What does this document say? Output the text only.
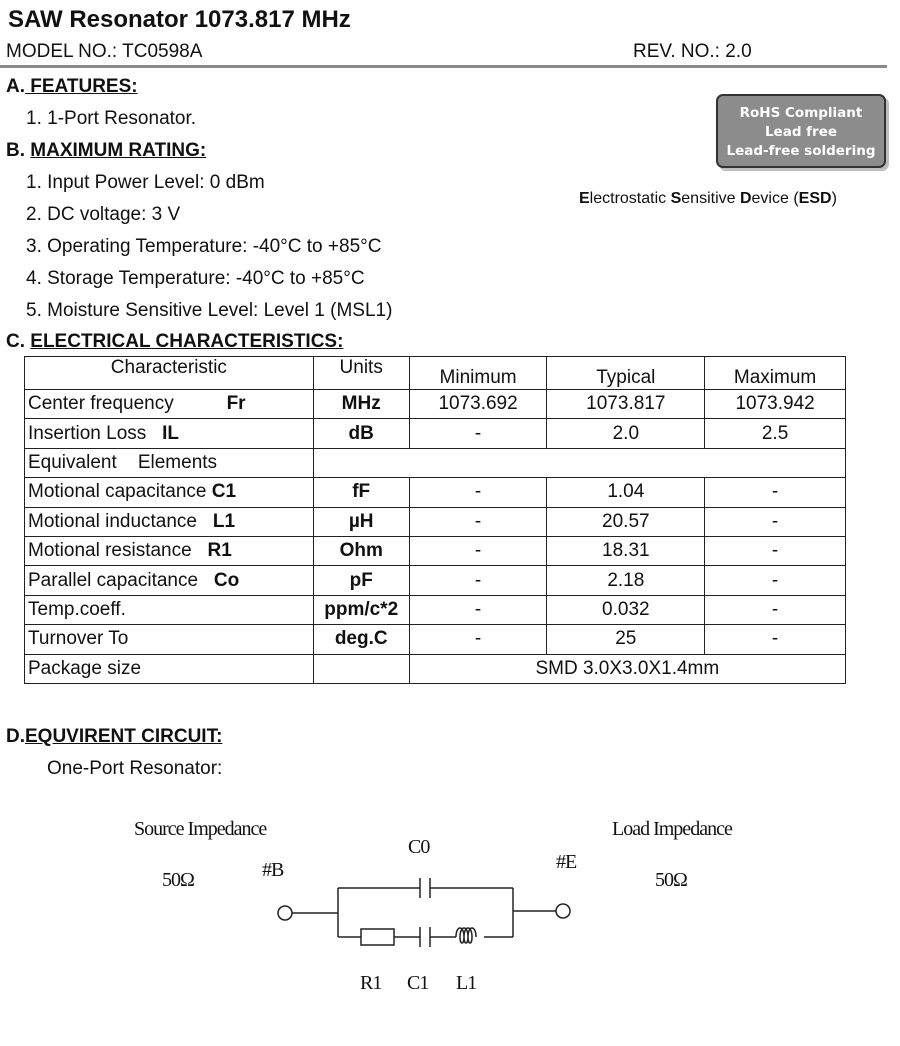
SAW Resonator 1073.817 MHz
MODEL NO.: TC0598A	REV. NO.: 2.0
A. FEATURES:
1. 1-Port Resonator.
B. MAXIMUM RATING:
1. Input Power Level: 0 dBm
2. DC voltage: 3 V
3. Operating Temperature: -40°C to +85°C
4. Storage Temperature: -40°C to +85°C
5. Moisture Sensitive Level: Level 1 (MSL1)
RoHS Compliant
Lead free
Lead-free soldering
Electrostatic Sensitive Device (ESD)
C. ELECTRICAL CHARACTERISTICS:
Characteristic	Units	Minimum	Typical	Maximum
Center frequency Fr	MHz	1073.692	1073.817	1073.942
Insertion Loss IL	dB	-	2.0	2.5
Equivalent    Elements				
Motional capacitance C1	fF	-	1.04	-
Motional inductance L1	µH	-	20.57	-
Motional resistance R1	Ohm	-	18.31	-
Parallel capacitance Co	pF	-	2.18	-
Temp.coeff.	ppm/c*2	-	0.032	-
Turnover To	deg.C	-	25	-
Package size		SMD 3.0X3.0X1.4mm		
D.EQUVIRENT CIRCUIT:
One-Port Resonator:
Source Impedance
50Ω
Load Impedance
50Ω
#B	#E
C0
R1 C1 L1
